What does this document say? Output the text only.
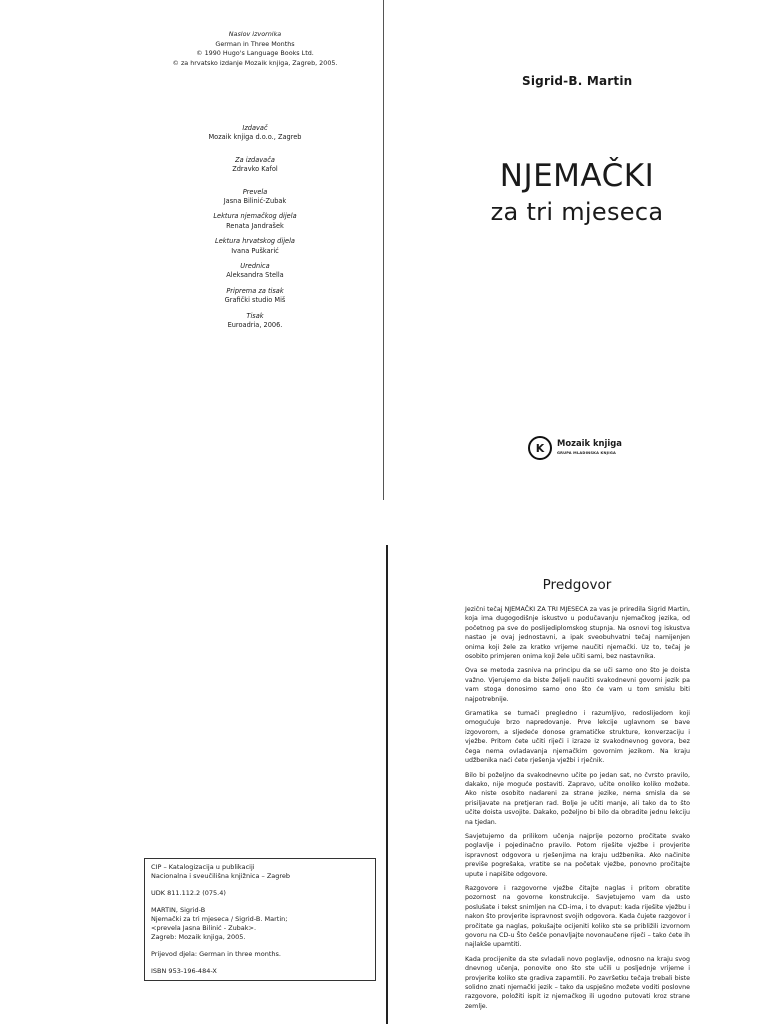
Naslov izvornika
German in Three Months
© 1990 Hugo's Language Books Ltd.
© za hrvatsko izdanje Mozaik knjiga, Zagreb, 2005.
Izdavač
Mozaik knjiga d.o.o., Zagreb
Za izdavača
Zdravko Kafol
Prevela
Jasna Bilinić-Zubak
Lektura njemačkog dijela
Renata Jandrašek
Lektura hrvatskog dijela
Ivana Puškarić
Urednica
Aleksandra Stella
Priprema za tisak
Grafički studio Miš
Tisak
Euroadria, 2006.
Sigrid-B. Martin
NJEMAČKI
za tri mjeseca
K	Mozaik knjiga
GRUPA MLADINSKA KNJIGA
Predgovor

Jezični tečaj NJEMAČKI ZA TRI MJESECA za vas je priredila Sigrid Martin, koja ima dugogodišnje iskustvo u podučavanju njemačkog jezika, od početnog pa sve do poslijediplomskog stupnja. Na osnovi tog iskustva nastao je ovaj jednostavni, a ipak sveobuhvatni tečaj namijenjen onima koji žele za kratko vrijeme naučiti njemački. Uz to, tečaj je osobito primjeren onima koji žele učiti sami, bez nastavnika.

Ova se metoda zasniva na principu da se uči samo ono što je doista važno. Vjerujemo da biste željeli naučiti svakodnevni govorni jezik pa vam stoga donosimo samo ono što će vam u tom smislu biti najpotrebnije.

Gramatika se tumači pregledno i razumljivo, redoslijedom koji omogućuje brzo napredovanje. Prve lekcije uglavnom se bave izgovorom, a sljedeće donose gramatičke strukture, konverzaciju i vježbe. Pritom ćete učiti riječi i izraze iz svakodnevnog govora, bez čega nema ovladavanja njemačkim govornim jezikom. Na kraju udžbenika naći ćete rješenja vježbi i rječnik.

Bilo bi poželjno da svakodnevno učite po jedan sat, no čvrsto pravilo, dakako, nije moguće postaviti. Zapravo, učite onoliko koliko možete. Ako niste osobito nadareni za strane jezike, nema smisla da se prisiljavate na pretjeran rad. Bolje je učiti manje, ali tako da to što učite doista usvojite. Dakako, poželjno bi bilo da obradite jednu lekciju na tjedan.

Savjetujemo da prilikom učenja najprije pozorno pročitate svako poglavlje i pojedinačno pravilo. Potom riješite vježbe i provjerite ispravnost odgovora u rješenjima na kraju udžbenika. Ako načinite previše pogrešaka, vratite se na početak vježbe, ponovno pročitajte upute i napišite odgovore.

Razgovore i razgovorne vježbe čitajte naglas i pritom obratite pozornost na govorne konstrukcije. Savjetujemo vam da usto poslušate i tekst snimljen na CD-ima, i to dvaput: kada riješite vježbu i nakon što provjerite ispravnost svojih odgovora. Kada čujete razgovor i pročitate ga naglas, pokušajte ocijeniti koliko ste se približili izvornom govoru na CD-u Što češće ponavljajte novonaučene riječi – tako ćete ih najlakše upamtiti.

Kada procijenite da ste svladali novo poglavlje, odnosno na kraju svog dnevnog učenja, ponovite ono što ste učili u posljednje vrijeme i provjerite koliko ste gradiva zapamtili. Po završetku tečaja trebali biste solidno znati njemački jezik – tako da uspješno možete voditi poslovne razgovore, položiti ispit iz njemačkog ili ugodno putovati kroz strane zemlje.

CIP – Katalogizacija u publikaciji
Nacionalna i sveučilišna knjižnica – Zagreb
UDK 811.112.2 (075.4)
MARTIN, Sigrid-B
Njemački za tri mjeseca / Sigrid-B. Martin;
<prevela Jasna Bilinić - Zubak>.
Zagreb: Mozaik knjiga, 2005.
Prijevod djela: German in three months.
ISBN 953-196-484-X
